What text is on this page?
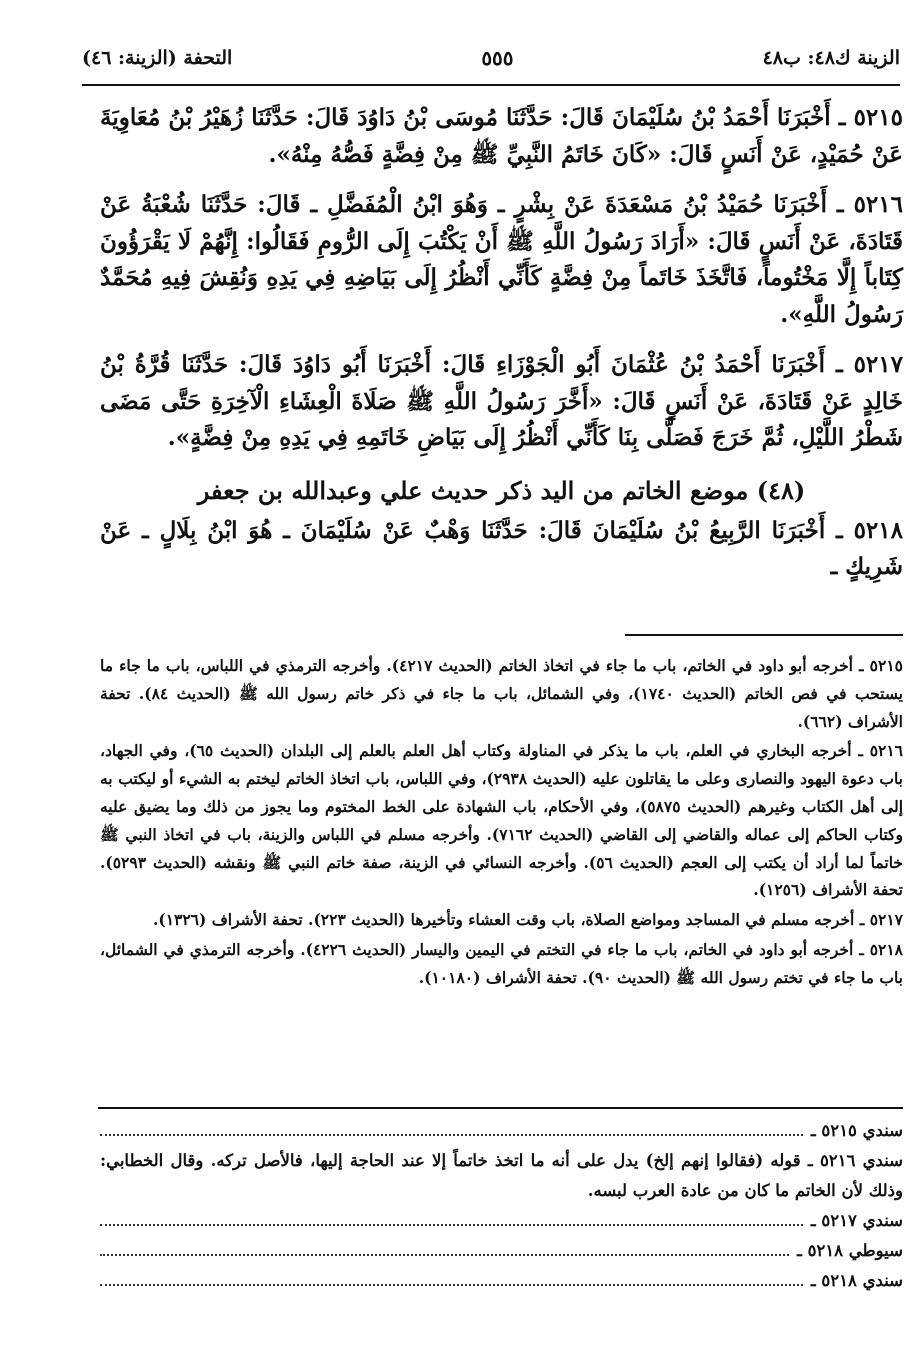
التحفة (الزينة: ٤٦)	٥٥٥	الزينة ك٤٨: ب٤٨

٥٢١٥ ـ أَخْبَرَنَا أَحْمَدُ بْنُ سُلَيْمَانَ قَالَ: حَدَّثَنَا مُوسَى بْنُ دَاوُدَ قَالَ: حَدَّثَنَا زُهَيْرُ بْنُ مُعَاوِيَةَ عَنْ حُمَيْدٍ، عَنْ أَنَسٍ قَالَ: «كَانَ خَاتَمُ النَّبِيِّ ﷺ مِنْ فِضَّةٍ فَصُّهُ مِنْهُ».

٥٢١٦ ـ أَخْبَرَنَا حُمَيْدُ بْنُ مَسْعَدَةَ عَنْ بِشْرٍ ـ وَهُوَ ابْنُ الْمُفَضَّلِ ـ قَالَ: حَدَّثَنَا شُعْبَةُ عَنْ قَتَادَةَ، عَنْ أَنَسٍ قَالَ: «أَرَادَ رَسُولُ اللَّهِ ﷺ أَنْ يَكْتُبَ إِلَى الرُّومِ فَقَالُوا: إِنَّهُمْ لَا يَقْرَؤُونَ كِتَاباً إِلَّا مَخْتُوماً، فَاتَّخَذَ خَاتَماً مِنْ فِضَّةٍ كَأَنِّي أَنْظُرُ إِلَى بَيَاضِهِ فِي يَدِهِ وَنُقِشَ فِيهِ مُحَمَّدٌ رَسُولُ اللَّهِ».

٥٢١٧ ـ أَخْبَرَنَا أَحْمَدُ بْنُ عُثْمَانَ أَبُو الْجَوْزَاءِ قَالَ: أَخْبَرَنَا أَبُو دَاوُدَ قَالَ: حَدَّثَنَا قُرَّةُ بْنُ خَالِدٍ عَنْ قَتَادَةَ، عَنْ أَنَسٍ قَالَ: «أَخَّرَ رَسُولُ اللَّهِ ﷺ صَلَاةَ الْعِشَاءِ الْآخِرَةِ حَتَّى مَضَى شَطْرُ اللَّيْلِ، ثُمَّ خَرَجَ فَصَلَّى بِنَا كَأَنِّي أَنْظُرُ إِلَى بَيَاضِ خَاتَمِهِ فِي يَدِهِ مِنْ فِضَّةٍ».

(٤٨) موضع الخاتم من اليد ذكر حديث علي وعبدالله بن جعفر

٥٢١٨ ـ أَخْبَرَنَا الرَّبِيعُ بْنُ سُلَيْمَانَ قَالَ: حَدَّثَنَا وَهْبٌ عَنْ سُلَيْمَانَ ـ هُوَ ابْنُ بِلَالٍ ـ عَنْ شَرِيكٍ ـ

٥٢١٥ ـ أخرجه أبو داود في الخاتم، باب ما جاء في اتخاذ الخاتم (الحديث ٤٢١٧). وأخرجه الترمذي في اللباس، باب ما جاء ما يستحب في فص الخاتم (الحديث ١٧٤٠)، وفي الشمائل، باب ما جاء في ذكر خاتم رسول الله ﷺ (الحديث ٨٤). تحفة الأشراف (٦٦٢).

٥٢١٦ ـ أخرجه البخاري في العلم، باب ما يذكر في المناولة وكتاب أهل العلم بالعلم إلى البلدان (الحديث ٦٥)، وفي الجهاد، باب دعوة اليهود والنصارى وعلى ما يقاتلون عليه (الحديث ٢٩٣٨)، وفي اللباس، باب اتخاذ الخاتم ليختم به الشيء أو ليكتب به إلى أهل الكتاب وغيرهم (الحديث ٥٨٧٥)، وفي الأحكام، باب الشهادة على الخط المختوم وما يجوز من ذلك وما يضيق عليه وكتاب الحاكم إلى عماله والقاضي إلى القاضي (الحديث ٧١٦٢). وأخرجه مسلم في اللباس والزينة، باب في اتخاذ النبي ﷺ خاتماً لما أراد أن يكتب إلى العجم (الحديث ٥٦). وأخرجه النسائي في الزينة، صفة خاتم النبي ﷺ ونقشه (الحديث ٥٢٩٣). تحفة الأشراف (١٢٥٦).

٥٢١٧ ـ أخرجه مسلم في المساجد ومواضع الصلاة، باب وقت العشاء وتأخيرها (الحديث ٢٢٣). تحفة الأشراف (١٣٢٦).

٥٢١٨ ـ أخرجه أبو داود في الخاتم، باب ما جاء في التختم في اليمين واليسار (الحديث ٤٢٢٦). وأخرجه الترمذي في الشمائل، باب ما جاء في تختم رسول الله ﷺ (الحديث ٩٠). تحفة الأشراف (١٠١٨٠).

سندي ٥٢١٥ ـ

سندي ٥٢١٦ ـ قوله (فقالوا إنهم إلخ) يدل على أنه ما اتخذ خاتماً إلا عند الحاجة إليها، فالأصل تركه. وقال الخطابي: وذلك لأن الخاتم ما كان من عادة العرب لبسه.

سندي ٥٢١٧ ـ
سيوطي ٥٢١٨ ـ
سندي ٥٢١٨ ـ
